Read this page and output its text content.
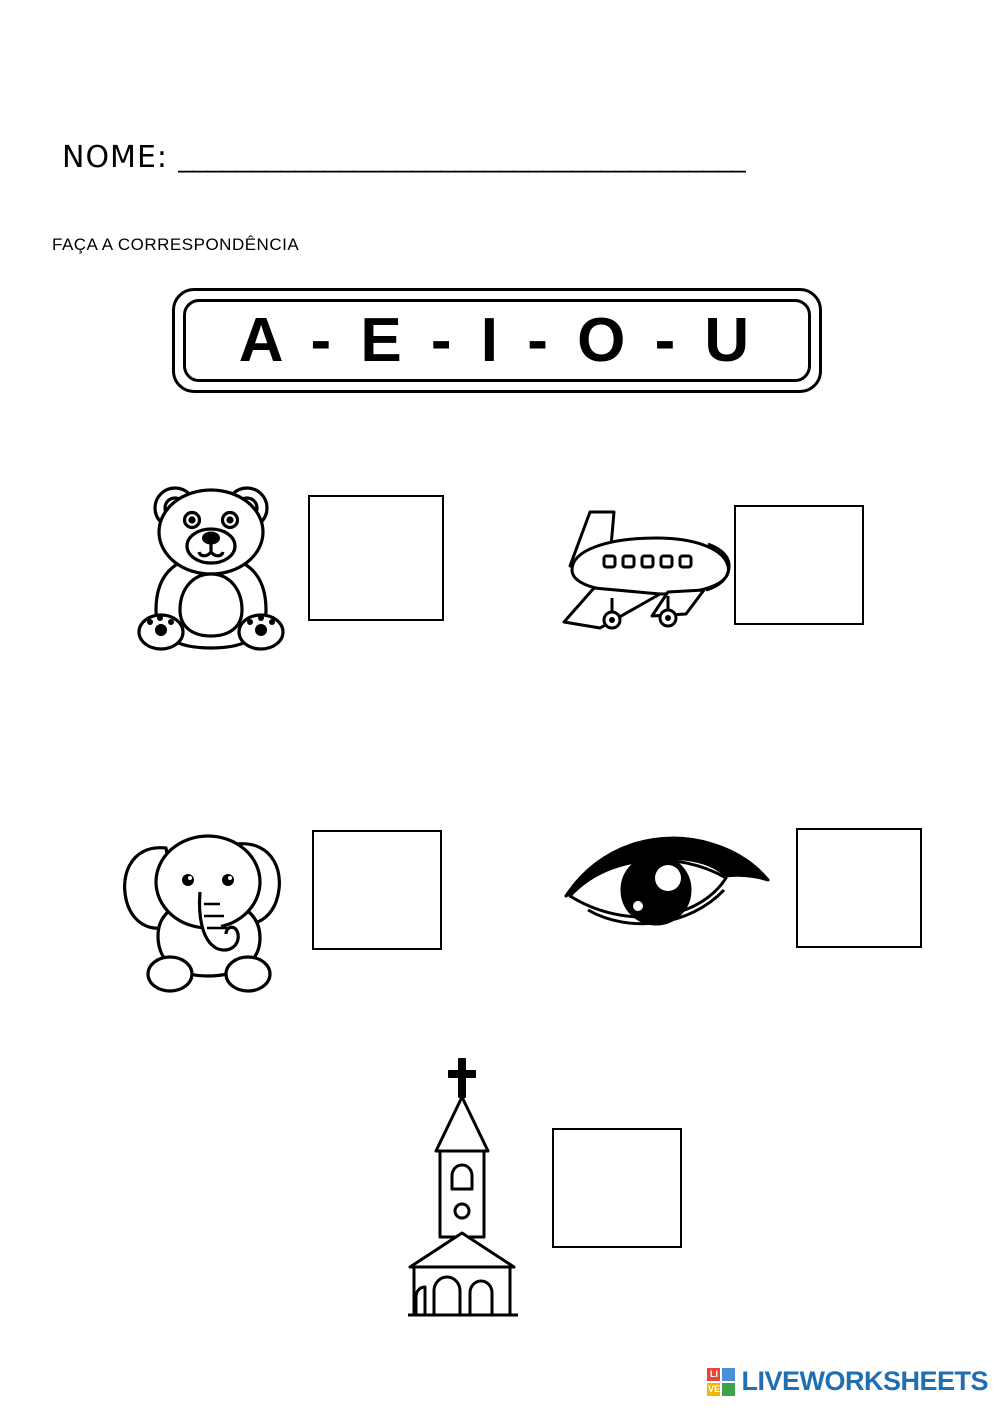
NOME: _______________________________________
FAÇA A CORRESPONDÊNCIA
A - E - I - O - U
LI
VE LIVEWORKSHEETS
